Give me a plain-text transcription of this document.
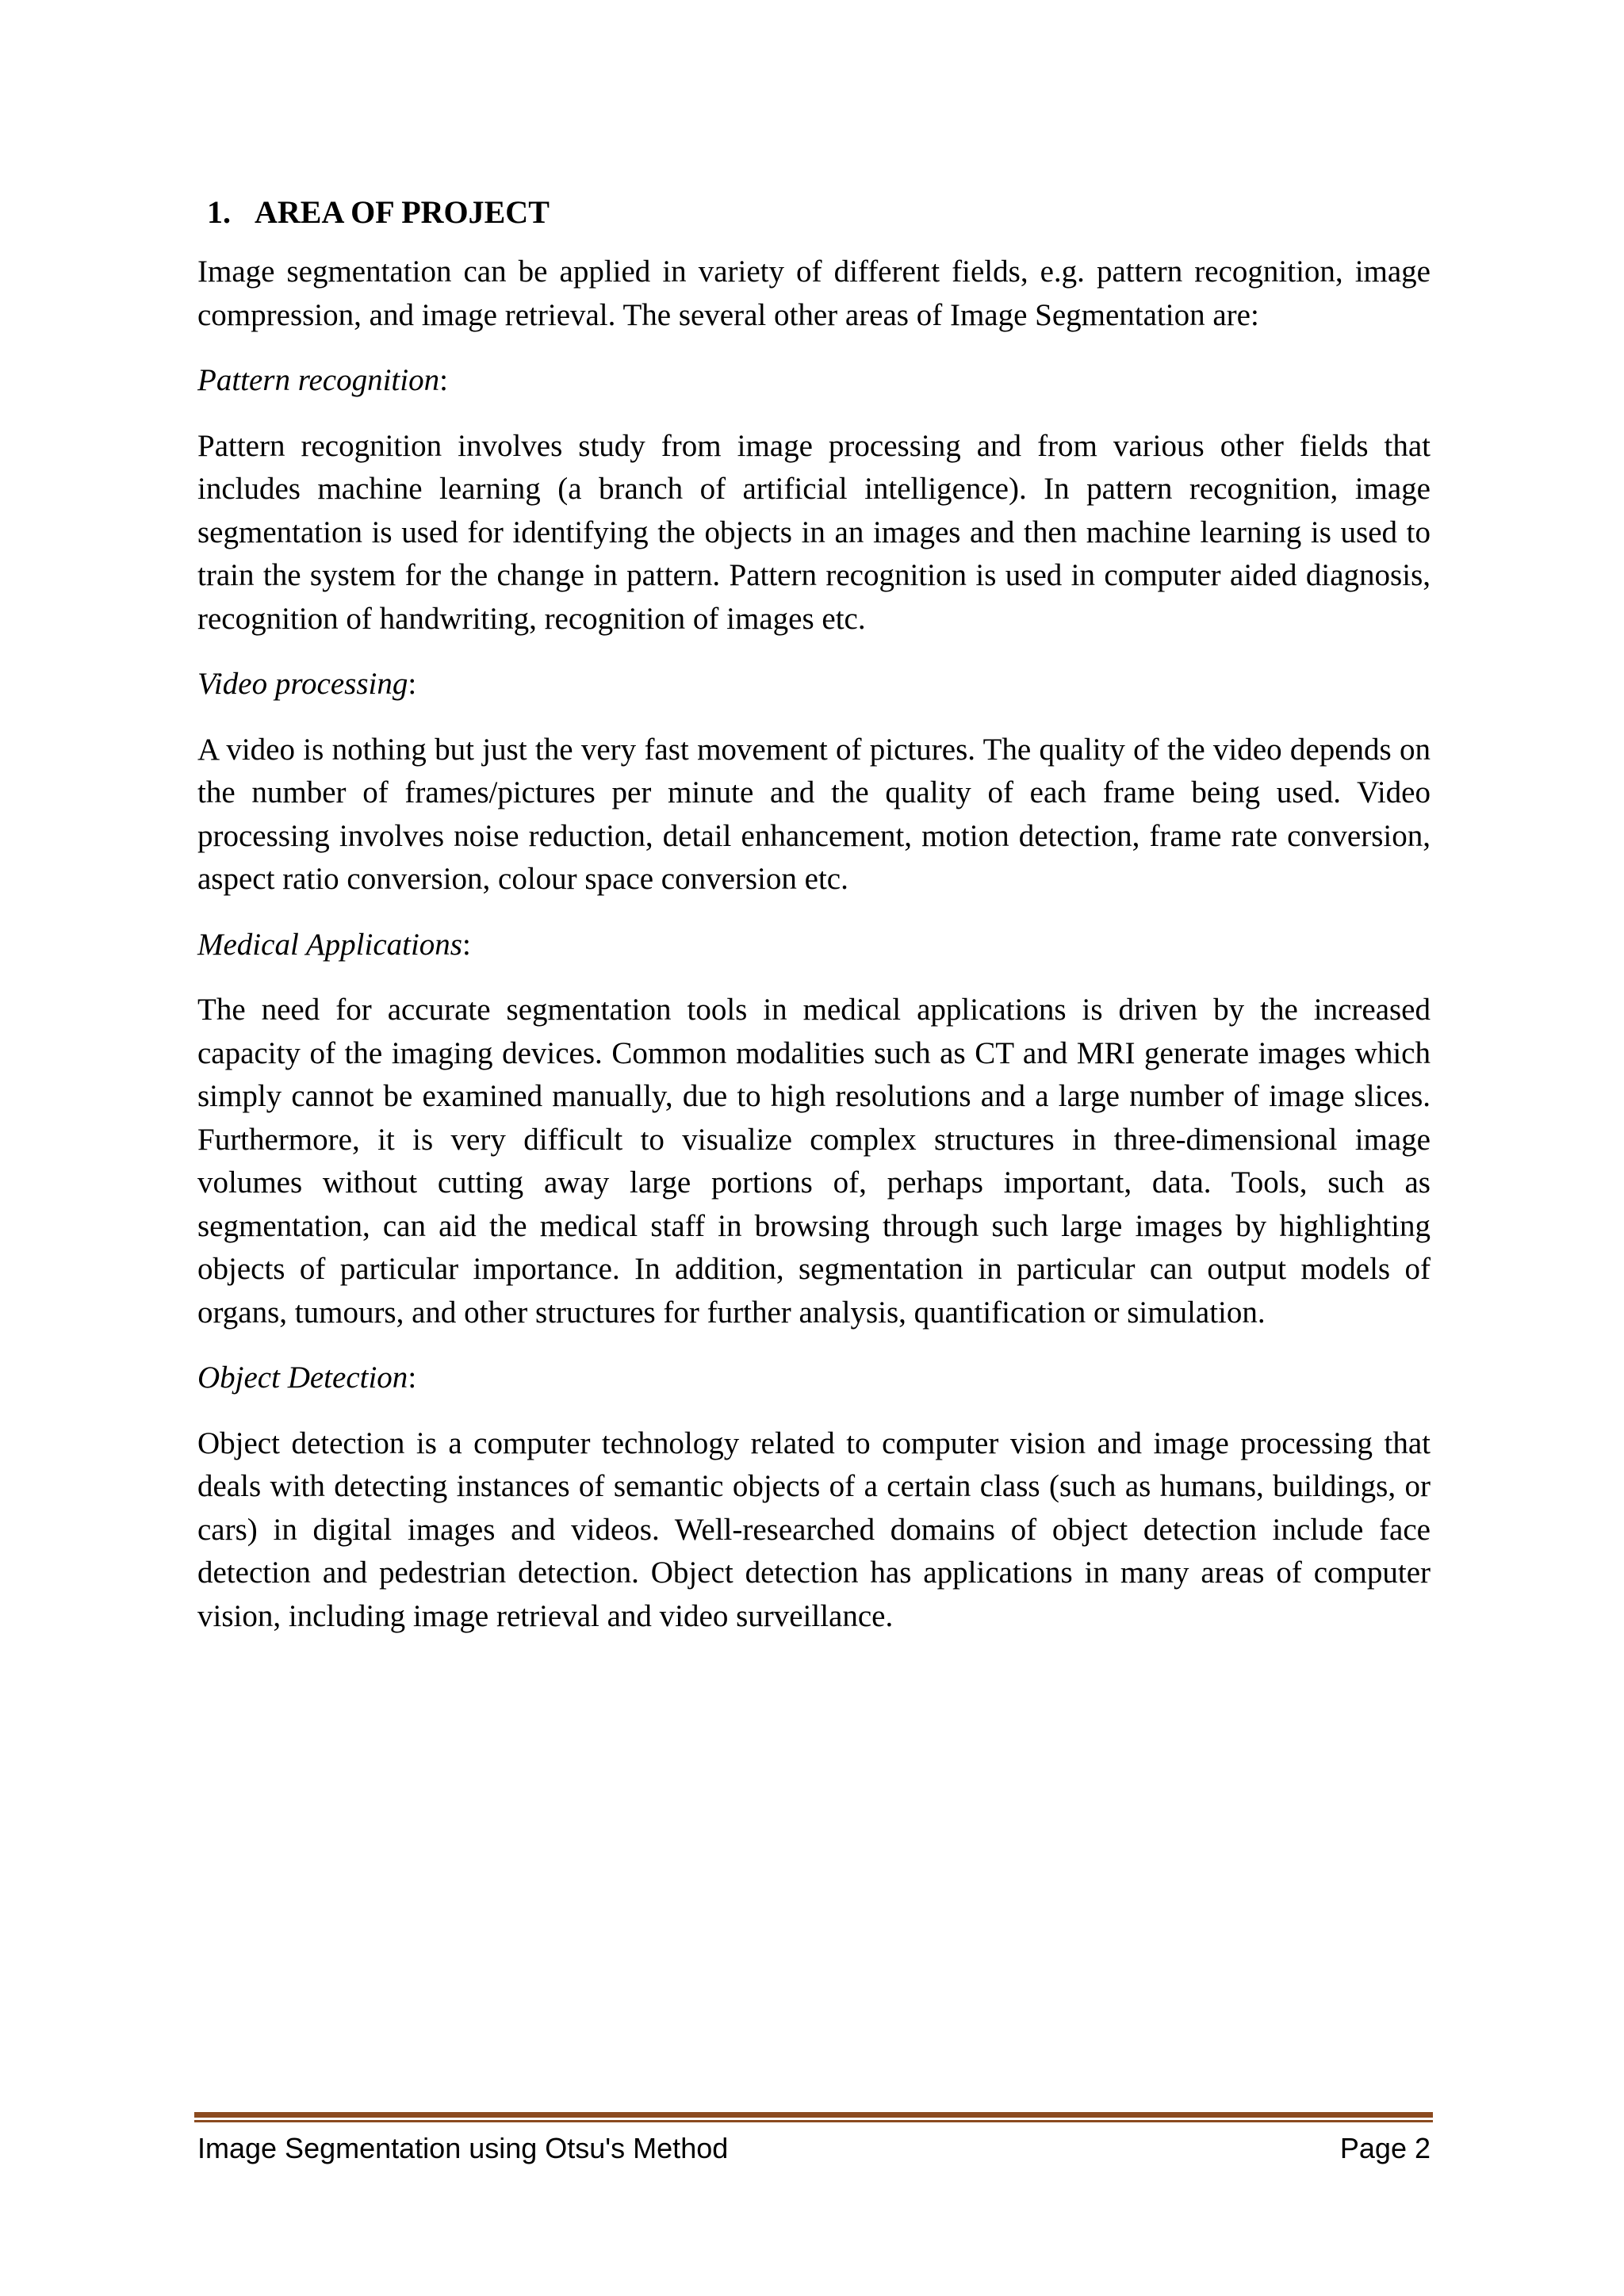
1. AREA OF PROJECT

Image segmentation can be applied in variety of different fields, e.g. pattern recognition, image compression, and image retrieval. The several other areas of Image Segmentation are:

Pattern recognition:

Pattern recognition involves study from image processing and from various other fields that includes machine learning (a branch of artificial intelligence). In pattern recognition, image segmentation is used for identifying the objects in an images and then machine learning is used to train the system for the change in pattern. Pattern recognition is used in computer aided diagnosis, recognition of handwriting, recognition of images etc.

Video processing:

A video is nothing but just the very fast movement of pictures. The quality of the video depends on the number of frames/pictures per minute and the quality of each frame being used. Video processing involves noise reduction, detail enhancement, motion detection, frame rate conversion, aspect ratio conversion, colour space conversion etc.

Medical Applications:

The need for accurate segmentation tools in medical applications is driven by the increased capacity of the imaging devices. Common modalities such as CT and MRI generate images which simply cannot be examined manually, due to high resolutions and a large number of image slices. Furthermore, it is very difficult to visualize complex structures in three-dimensional image volumes without cutting away large portions of, perhaps important, data. Tools, such as segmentation, can aid the medical staff in browsing through such large images by highlighting objects of particular importance. In addition, segmentation in particular can output models of organs, tumours, and other structures for further analysis, quantification or simulation.

Object Detection:

Object detection is a computer technology related to computer vision and image processing that deals with detecting instances of semantic objects of a certain class (such as humans, buildings, or cars) in digital images and videos. Well-researched domains of object detection include face detection and pedestrian detection. Object detection has applications in many areas of computer vision, including image retrieval and video surveillance.

Image Segmentation using Otsu's Method	Page 2
